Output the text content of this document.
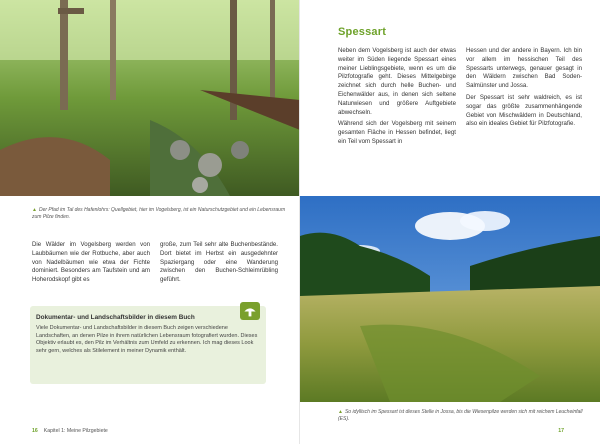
▲ Der Pfad im Tal des Hafenlohrs: Quellgebiet, hier im Vogelsberg, ist ein Naturschutzgebiet und ein Lebensraum zum Pilze finden.
Die Wälder im Vogelsberg werden von Laubbäumen wie der Rotbuche, aber auch von Nadelbäumen wie etwa der Fichte dominiert. Besonders am Taufstein und am Hoherodskopf gibt es
große, zum Teil sehr alte Buchenbestände. Dort bietet im Herbst ein ausgedehnter Spaziergang oder eine Wanderung zwischen den Buchen-Schleimrübling geführt.
Dokumentar- und Landschaftsbilder in diesem Buch
Viele Dokumentar- und Landschaftsbilder in diesem Buch zeigen verschiedene Landschaften, an denen Pilze in ihrem natürlichen Lebensraum fotografiert wurden. Dieses Objektiv erlaubt es, den Pilz im Verhältnis zum Umfeld zu erkennen. Ich mag dieses Look sehr gern, welches als Stilelement in meiner Dynamik enthält.
16 Kapitel 1: Meine Pilzgebiete
Spessart

Neben dem Vogelsberg ist auch der etwas weiter im Süden liegende Spessart eines meiner Lieblingsgebiete, wenn es um die Pilzfotografie geht. Dieses Mittelgebirge zeichnet sich durch helle Buchen- und Eichenwälder aus, in denen sich seltene Naturwiesen und größere Auftgebiete abwechseln.

Während sich der Vogelsberg mit seinem gesamten Fläche in Hessen befindet, liegt ein Teil vom Spessart in

Hessen und der andere in Bayern. Ich bin vor allem im hessischen Teil des Spessarts unterwegs, genauer gesagt in den Wäldern zwischen Bad Soden-Salmünster und Jossa.

Der Spessart ist sehr waldreich, es ist sogar das größte zusammenhängende Gebiet von Mischwäldern in Deutschland, also ein ideales Gebiet für Pilzfotografie.

▲ So idyllisch im Spessart ist dieses Stelle in Jossa, bis die Wiesenpilze werden sich mit reichem Leucheinfall (ES).
17
